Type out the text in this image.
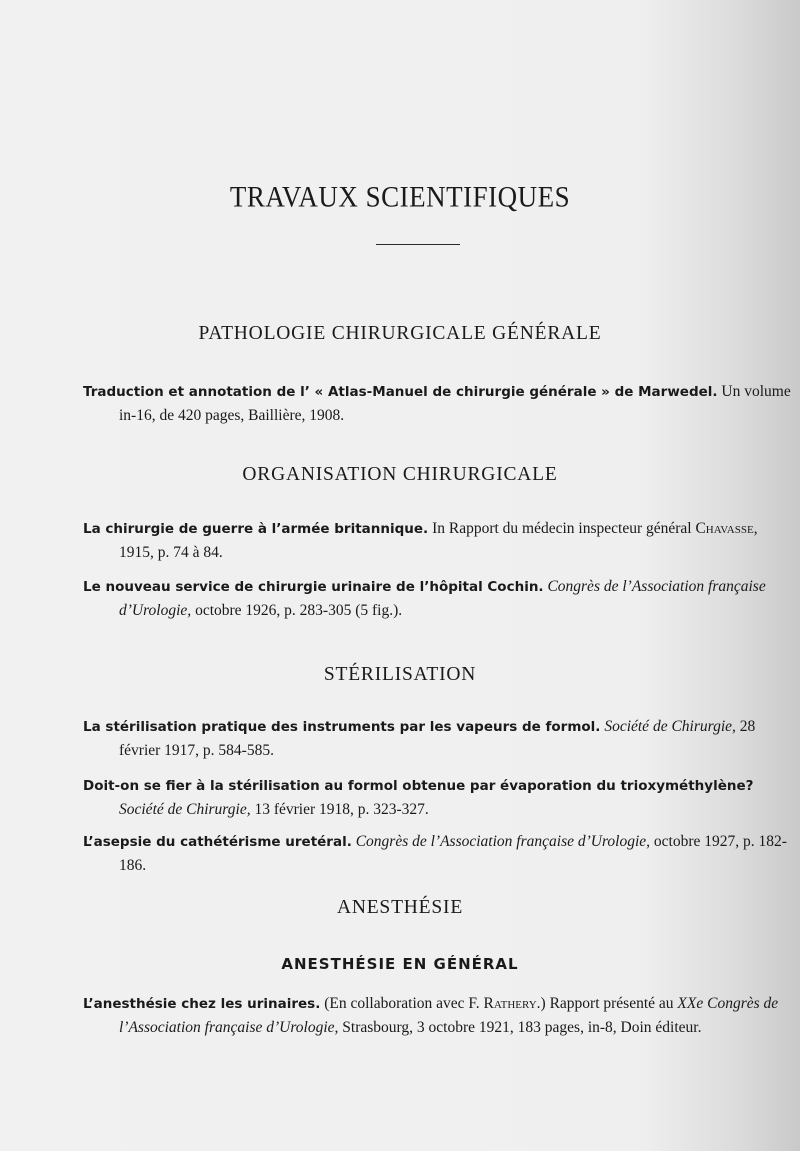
TRAVAUX SCIENTIFIQUES
PATHOLOGIE CHIRURGICALE GÉNÉRALE
Traduction et annotation de l’ « Atlas-Manuel de chirurgie générale » de Marwedel. Un volume in-16, de 420 pages, Baillière, 1908.
ORGANISATION CHIRURGICALE
La chirurgie de guerre à l’armée britannique. In Rapport du médecin inspecteur général Chavasse, 1915, p. 74 à 84.
Le nouveau service de chirurgie urinaire de l’hôpital Cochin. Congrès de l’Association française d’Urologie, octobre 1926, p. 283-305 (5 fig.).
STÉRILISATION
La stérilisation pratique des instruments par les vapeurs de formol. Société de Chirurgie, 28 février 1917, p. 584-585.
Doit-on se fier à la stérilisation au formol obtenue par évaporation du trioxyméthylène? Société de Chirurgie, 13 février 1918, p. 323-327.
L’asepsie du cathétérisme uretéral. Congrès de l’Association française d’Urologie, octobre 1927, p. 182-186.
ANESTHÉSIE
ANESTHÉSIE EN GÉNÉRAL
L’anesthésie chez les urinaires. (En collaboration avec F. Rathery.) Rapport présenté au XXe Congrès de l’Association française d’Urologie, Strasbourg, 3 octobre 1921, 183 pages, in-8, Doin éditeur.
